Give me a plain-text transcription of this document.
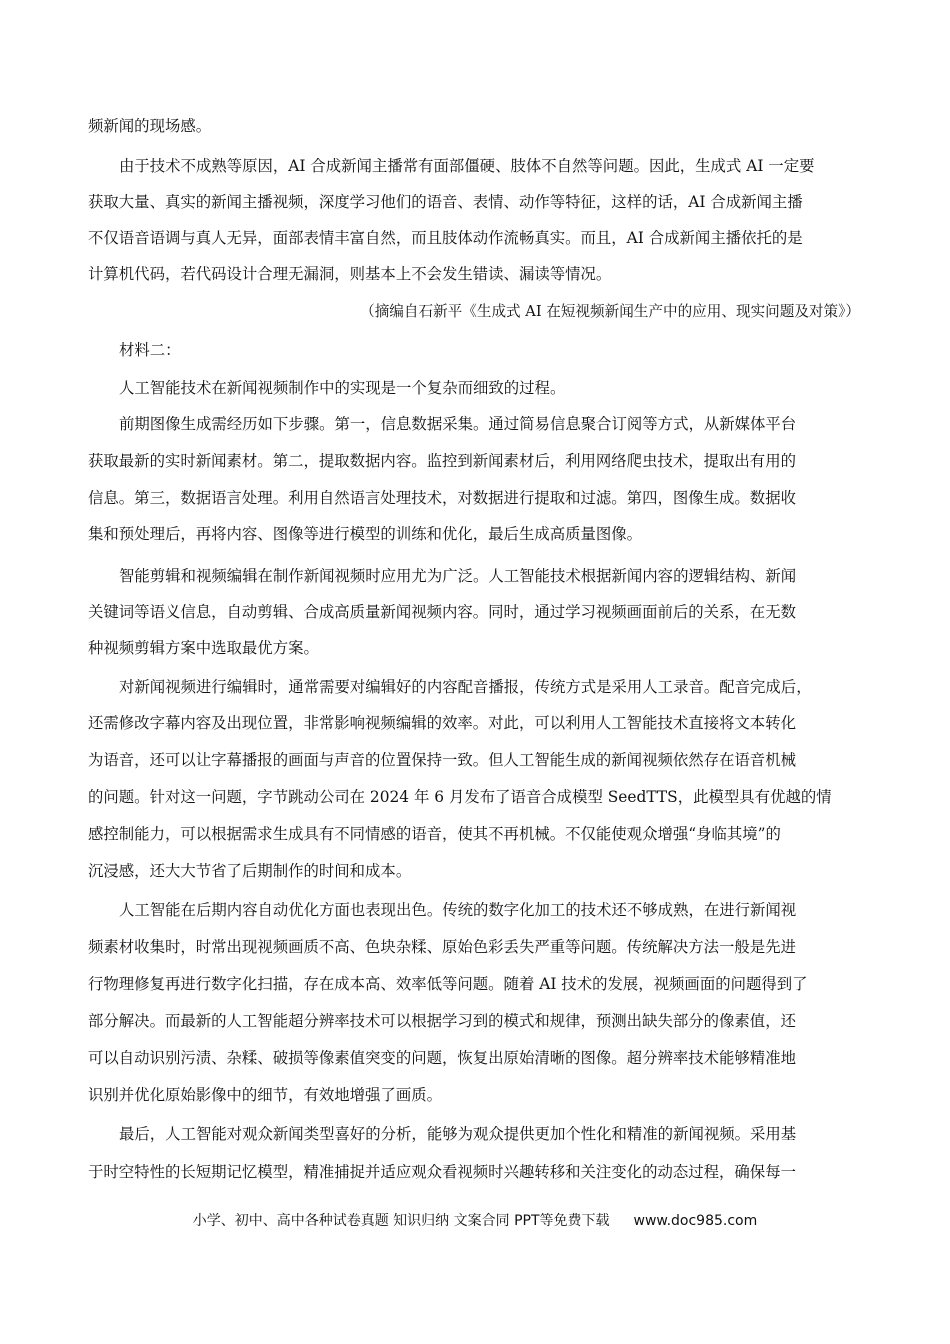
频新闻的现场感。
由于技术不成熟等原因，AI 合成新闻主播常有面部僵硬、肢体不自然等问题。因此，生成式 AI 一定要
获取大量、真实的新闻主播视频，深度学习他们的语音、表情、动作等特征，这样的话，AI 合成新闻主播
不仅语音语调与真人无异，面部表情丰富自然，而且肢体动作流畅真实。而且，AI 合成新闻主播依托的是
计算机代码，若代码设计合理无漏洞，则基本上不会发生错读、漏读等情况。
（摘编自石新平《生成式 AI 在短视频新闻生产中的应用、现实问题及对策》）
材料二：
人工智能技术在新闻视频制作中的实现是一个复杂而细致的过程。
前期图像生成需经历如下步骤。第一，信息数据采集。通过简易信息聚合订阅等方式，从新媒体平台
获取最新的实时新闻素材。第二，提取数据内容。监控到新闻素材后，利用网络爬虫技术，提取出有用的
信息。第三，数据语言处理。利用自然语言处理技术，对数据进行提取和过滤。第四，图像生成。数据收
集和预处理后，再将内容、图像等进行模型的训练和优化，最后生成高质量图像。
智能剪辑和视频编辑在制作新闻视频时应用尤为广泛。人工智能技术根据新闻内容的逻辑结构、新闻
关键词等语义信息，自动剪辑、合成高质量新闻视频内容。同时，通过学习视频画面前后的关系，在无数
种视频剪辑方案中选取最优方案。
对新闻视频进行编辑时，通常需要对编辑好的内容配音播报，传统方式是采用人工录音。配音完成后，
还需修改字幕内容及出现位置，非常影响视频编辑的效率。对此，可以利用人工智能技术直接将文本转化
为语音，还可以让字幕播报的画面与声音的位置保持一致。但人工智能生成的新闻视频依然存在语音机械
的问题。针对这一问题，字节跳动公司在 2024 年 6 月发布了语音合成模型 SeedTTS，此模型具有优越的情
感控制能力，可以根据需求生成具有不同情感的语音，使其不再机械。不仅能使观众增强“身临其境”的
沉浸感，还大大节省了后期制作的时间和成本。
人工智能在后期内容自动优化方面也表现出色。传统的数字化加工的技术还不够成熟，在进行新闻视
频素材收集时，时常出现视频画质不高、色块杂糅、原始色彩丢失严重等问题。传统解决方法一般是先进
行物理修复再进行数字化扫描，存在成本高、效率低等问题。随着 AI 技术的发展，视频画面的问题得到了
部分解决。而最新的人工智能超分辨率技术可以根据学习到的模式和规律，预测出缺失部分的像素值，还
可以自动识别污渍、杂糅、破损等像素值突变的问题，恢复出原始清晰的图像。超分辨率技术能够精准地
识别并优化原始影像中的细节，有效地增强了画质。
最后，人工智能对观众新闻类型喜好的分析，能够为观众提供更加个性化和精准的新闻视频。采用基
于时空特性的长短期记忆模型，精准捕捉并适应观众看视频时兴趣转移和关注变化的动态过程，确保每一
小学、初中、高中各种试卷真题 知识归纳 文案合同 PPT等免费下载 www.doc985.com
